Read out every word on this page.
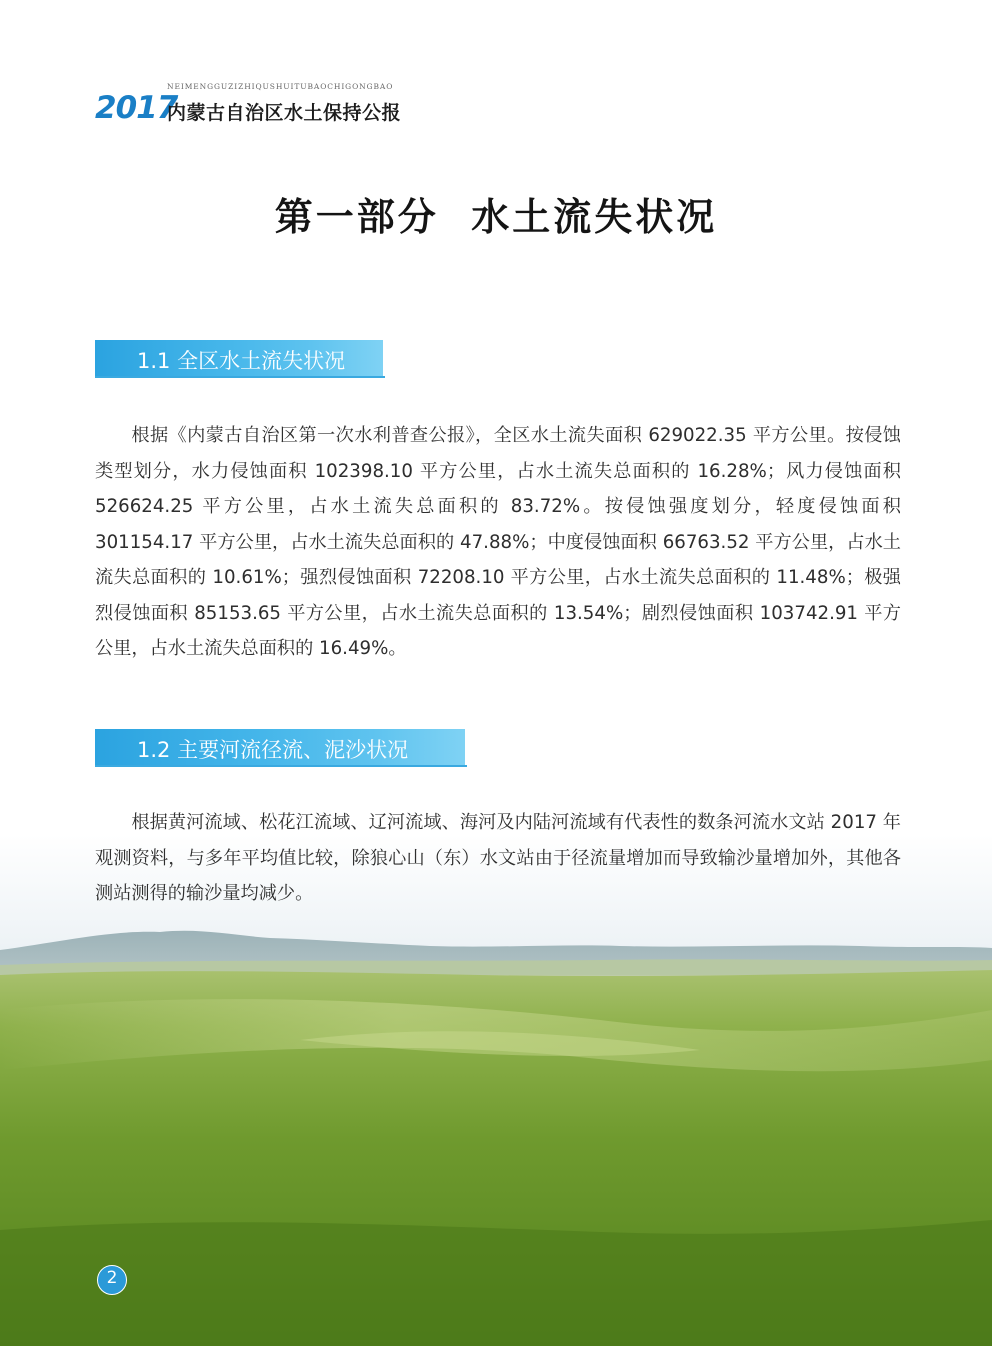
NEIMENGGUZIZHIQUSHUITUBAOCHIGONGBAO
2017
内蒙古自治区水土保持公报
第一部分  水土流失状况
1.1 全区水土流失状况
根据《内蒙古自治区第一次水利普查公报》，全区水土流失面积 629022.35 平方公里。按侵蚀类型划分，水力侵蚀面积 102398.10 平方公里，占水土流失总面积的 16.28%；风力侵蚀面积 526624.25 平方公里，占水土流失总面积的 83.72%。按侵蚀强度划分，轻度侵蚀面积 301154.17 平方公里，占水土流失总面积的 47.88%；中度侵蚀面积 66763.52 平方公里，占水土流失总面积的 10.61%；强烈侵蚀面积 72208.10 平方公里，占水土流失总面积的 11.48%；极强烈侵蚀面积 85153.65 平方公里，占水土流失总面积的 13.54%；剧烈侵蚀面积 103742.91 平方公里，占水土流失总面积的 16.49%。
1.2 主要河流径流、泥沙状况
根据黄河流域、松花江流域、辽河流域、海河及内陆河流域有代表性的数条河流水文站 2017 年观测资料，与多年平均值比较，除狼心山（东）水文站由于径流量增加而导致输沙量增加外，其他各测站测得的输沙量均减少。
2
